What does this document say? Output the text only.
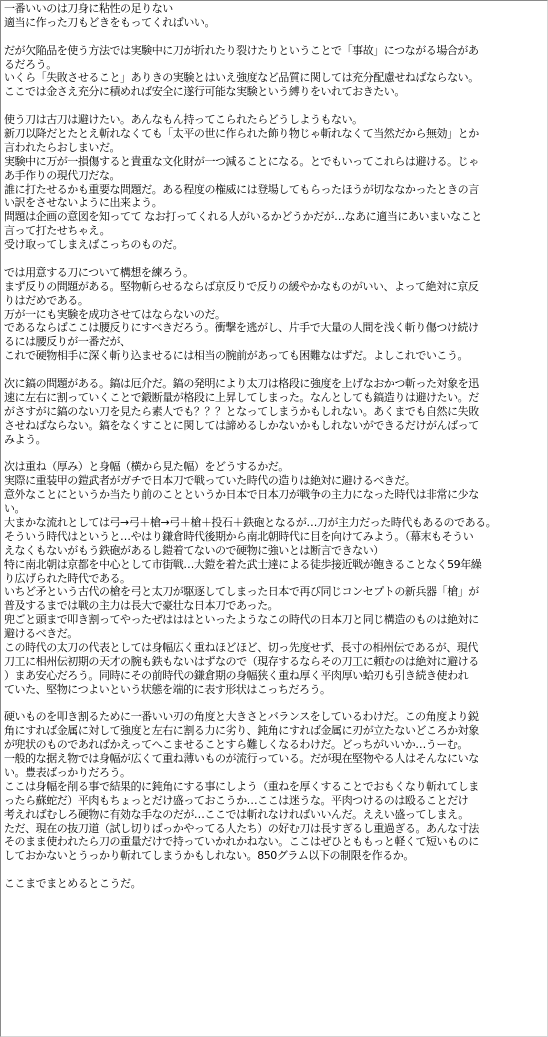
一番いいのは刀身に粘性の足りない
適当に作った刀もどきをもってくればいい。
だが欠陥品を使う方法では実験中に刀が折れたり裂けたりということで「事故」につながる場合があ
るだろう。
いくら「失敗させること」ありきの実験とはいえ強度など品質に関しては充分配慮せねばならない。
ここでは金さえ充分に積めれば安全に遂行可能な実験という縛りをいれておきたい。
使う刀は古刀は避けたい。あんなもん持ってこられたらどうしようもない。
新刀以降だとたとえ斬れなくても「太平の世に作られた飾り物じゃ斬れなくて当然だから無効」とか
言われたらおしまいだ。
実験中に万が一損傷すると貴重な文化財が一つ減ることになる。とでもいってこれらは避ける。じゃ
あ手作りの現代刀だな。
誰に打たせるかも重要な問題だ。ある程度の権威には登場してもらったほうが切ななかったときの言
い訳をさせないように出来よう。
問題は企画の意図を知ってて なお打ってくれる人がいるかどうかだが…なあに適当にあいまいなこと
言って打たせちゃえ。
受け取ってしまえばこっちのものだ。
では用意する刀について構想を練ろう。
まず反りの問題がある。堅物斬らせるならば京反りで反りの緩やかなものがいい、よって絶対に京反
りはだめである。
万が一にも実験を成功させてはならないのだ。
であるならばここは腰反りにすべきだろう。衝撃を逃がし、片手で大量の人間を浅く斬り傷つけ続け
るには腰反りが一番だが、
これで硬物相手に深く斬り込ませるには相当の腕前があっても困難なはずだ。よしこれでいこう。
次に鎬の問題がある。鎬は厄介だ。鎬の発明により太刀は格段に強度を上げなおかつ斬った対象を迅
速に左右に割っていくことで鍛断量が格段に上昇してしまった。なんとしても鎬造りは避けたい。だ
がさすがに鎬のない刀を見たら素人でも？？？となってしまうかもしれない。あくまでも自然に失敗
させねばならない。鎬をなくすことに関しては諦めるしかないかもしれないができるだけがんばって
みよう。
次は重ね（厚み）と身幅（横から見た幅）をどうするかだ。
実際に重装甲の鎧武者がガチで日本刀で戦っていた時代の造りは絶対に避けるべきだ。
意外なことにというか当たり前のことというか日本で日本刀が戦争の主力になった時代は非常に少な
い。
大まかな流れとしては弓→弓＋槍→弓＋槍＋投石＋鉄砲となるが…刀が主力だった時代もあるのである。
そういう時代はというと…やはり鎌倉時代後期から南北朝時代に目を向けてみよう。（幕末もそうい
えなくもないがもう鉄砲があるし鎧着てないので硬物に強いとは断言できない）
特に南北朝は京都を中心として市街戦…大鎧を着た武士達による徒歩接近戦が飽きることなく59年繰
り広げられた時代である。
いちど矛という古代の槍を弓と太刀が駆逐してしまった日本で再び同じコンセプトの新兵器「槍」が
普及するまでは戦の主力は長大で豪壮な日本刀であった。
兜ごと頭まで叩き割ってやったぜはははといったようなこの時代の日本刀と同じ構造のものは絶対に
避けるべきだ。
この時代の太刀の代表としては身幅広く重ねほどほど、切っ先度せず、長寸の相州伝であるが、現代
刀工に相州伝初期の天才の腕も鉄もないはずなので（現存するならその刀工に頼むのは絶対に避ける
）まあ安心だろう。同時にその前時代の鎌倉期の身幅狭く重ね厚く平肉厚い蛤刃も引き続き使われ
ていた、堅物につよいという状態を端的に表す形状はこっちだろう。
硬いものを叩き割るために一番いい刃の角度と大きさとバランスをしているわけだ。この角度より鋭
角にすれば金属に対して強度と左右に割る力に劣り、鈍角にすれば金属に刃が立たないどころか対象
が兜状のものであればかえってへこませることすら難しくなるわけだ。どっちがいいか…うーむ。
一般的な据え物では身幅が広くて重ね薄いものが流行っている。だが現在堅物やる人はそんなにいな
い。豊表ばっかりだろう。
ここは身幅を削る事で結果的に鈍角にする事にしよう（重ねを厚くすることでおもくなり斬れてしま
ったら蘇蛇だ）平肉もちょっとだけ盛っておこうか…ここは迷うな。平肉つけるのは殴ることだけ
考えればむしろ硬物に有効な手なのだが…ここでは斬れなければいいんだ。ええい盛ってしまえ。
ただ、現在の抜刀道（試し切りばっかやってる人たち）の好む刀は長すぎるし重過ぎる。あんな寸法
そのまま使われたら刀の重量だけで持っていかれかねない。ここはぜひとももっと軽くて短いものに
しておかないとうっかり斬れてしまうかもしれない。850グラム以下の制限を作るか。
ここまでまとめるとこうだ。
